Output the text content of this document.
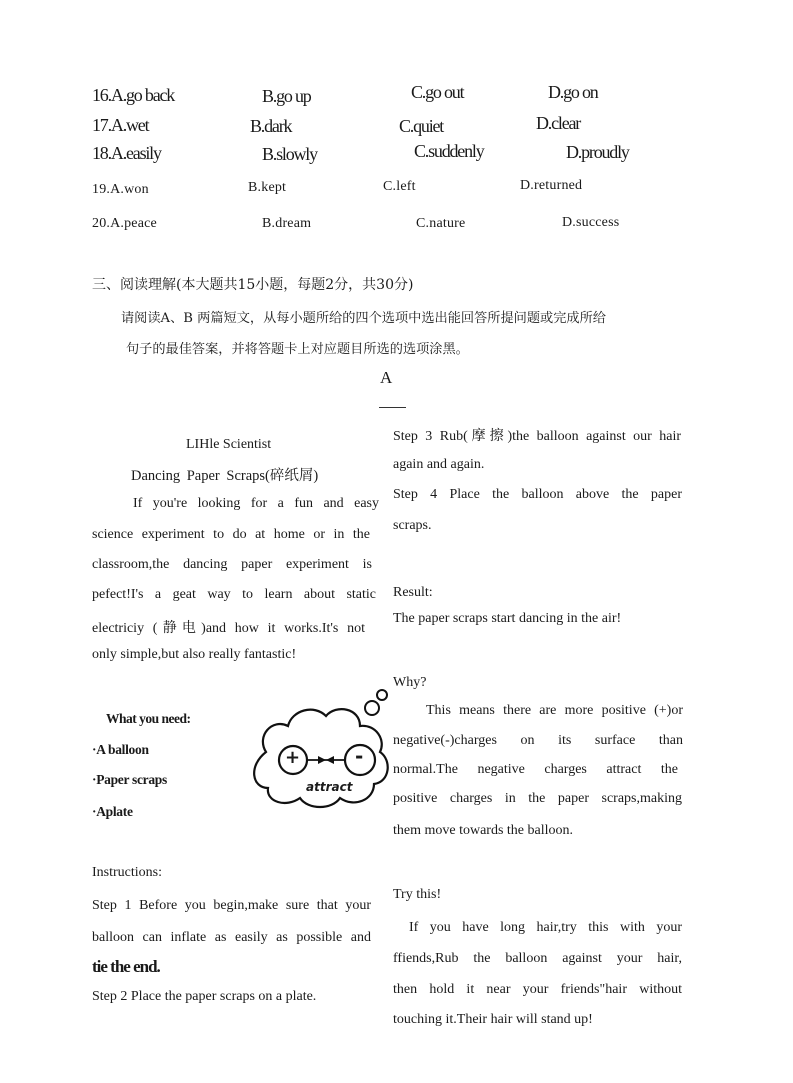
16.A.go back	B.go up	C.go out	D.go on
17.A.wet	B.dark	C.quiet	D.clear
18.A.easily	B.slowly	C.suddenly	D.proudly
19.A.won	B.kept	C.left	D.returned
20.A.peace	B.dream	C.nature	D.success
三、阅读理解(本大题共15小题，每题2分，共30分)
请阅读A、B 两篇短文，从每小题所给的四个选项中选出能回答所提问题或完成所给
句子的最佳答案，并将答题卡上对应题目所选的选项涂黑。
A
LIHle Scientist
Dancing Paper Scraps(碎纸屑)
If you're looking for a fun and easy
science experiment to do at home or in the
classroom,the dancing paper experiment is
pefect!I's a geat way to learn about static
electriciy (静电)and how it works.It's not
only simple,but also really fantastic!
What you need:
·A balloon
·Paper scraps
·Aplate
+	-
attract
Instructions:
Step 1 Before you begin,make sure that your
balloon can inflate as easily as possible and
tie the end.
Step 2 Place the paper scraps on a plate.
Step 3 Rub(摩擦)the balloon against our hair
again and again.
Step 4 Place the balloon above the paper
scraps.
Result:
The paper scraps start dancing in the air!
Why?
This means there are more positive (+)or
negative(-)charges on its surface than
normal.The negative charges attract the
positive charges in the paper scraps,making
them move towards the balloon.
Try this!
If you have long hair,try this with your
ffiends,Rub the balloon against your hair,
then hold it near your friends"hair without
touching it.Their hair will stand up!
